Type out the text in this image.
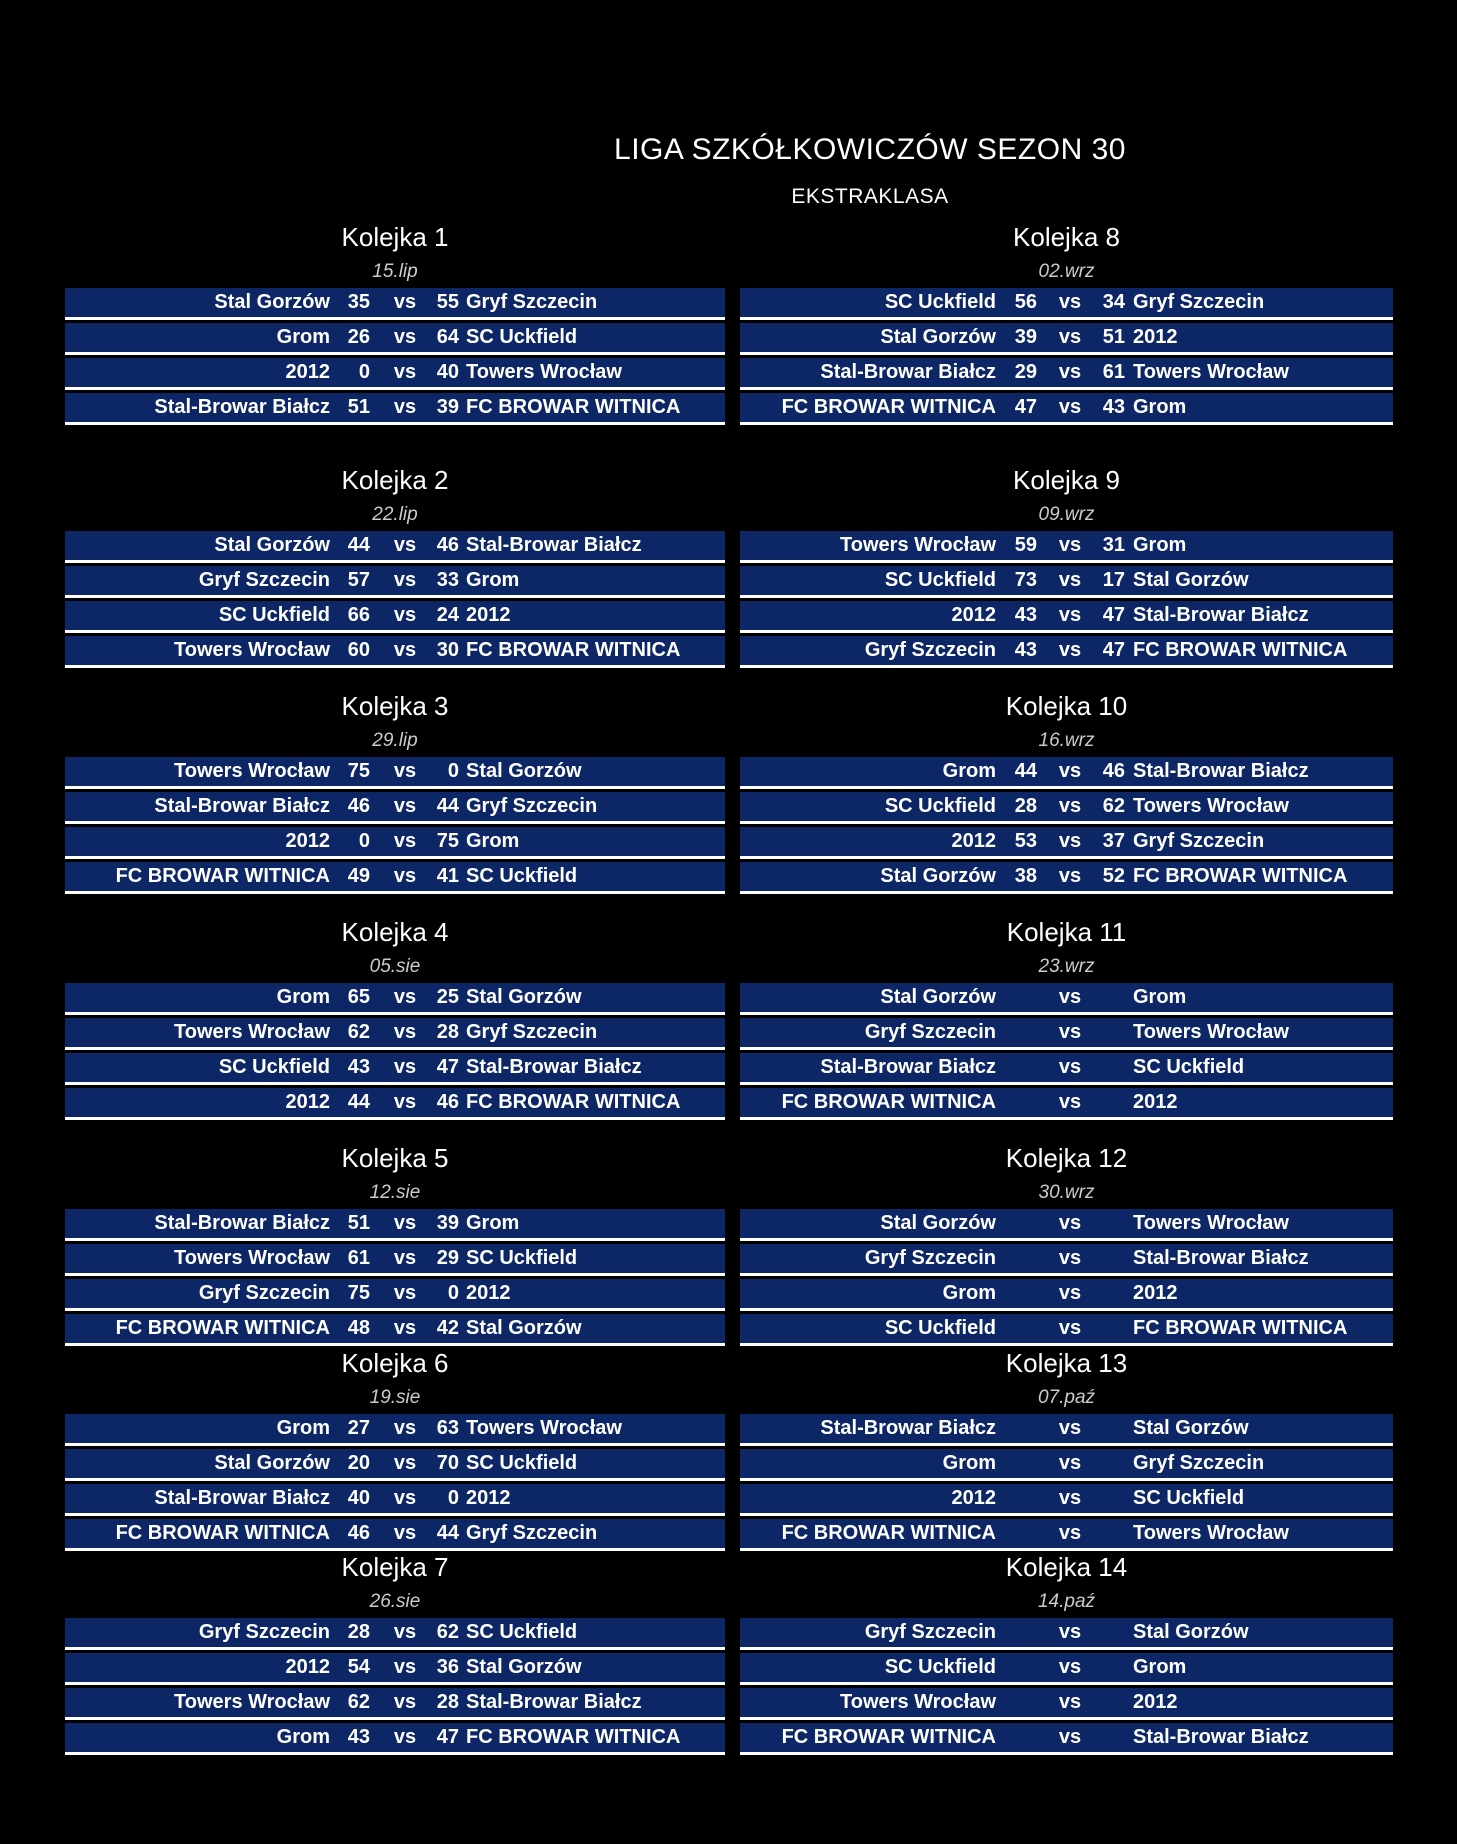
LIGA SZKÓŁKOWICZÓW SEZON 30
EKSTRAKLASA
Kolejka 1
15.lip
Stal Gorzów 35	vs	55 Gryf Szczecin
Grom 26	vs	64 SC Uckfield
2012	0	vs	40 Towers Wrocław
Stal-Browar Białcz 51	vs	39 FC BROWAR WITNICA
Kolejka 2
22.lip
Stal Gorzów 44	vs	46 Stal-Browar Białcz
Gryf Szczecin 57	vs	33 Grom
SC Uckfield 66	vs	24 2012
Towers Wrocław 60	vs	30 FC BROWAR WITNICA
Kolejka 3
29.lip
Towers Wrocław 75	vs	0 Stal Gorzów
Stal-Browar Białcz 46	vs	44 Gryf Szczecin
2012	0	vs	75 Grom
FC BROWAR WITNICA 49	vs	41 SC Uckfield
Kolejka 4
05.sie
Grom 65	vs	25 Stal Gorzów
Towers Wrocław 62	vs	28 Gryf Szczecin
SC Uckfield 43	vs	47 Stal-Browar Białcz
2012 44	vs	46 FC BROWAR WITNICA
Kolejka 5
12.sie
Stal-Browar Białcz 51	vs	39 Grom
Towers Wrocław 61	vs	29 SC Uckfield
Gryf Szczecin 75	vs	0 2012
FC BROWAR WITNICA 48	vs	42 Stal Gorzów
Kolejka 6
19.sie
Grom 27	vs	63 Towers Wrocław
Stal Gorzów 20	vs	70 SC Uckfield
Stal-Browar Białcz 40	vs	0 2012
FC BROWAR WITNICA 46	vs	44 Gryf Szczecin
Kolejka 7
26.sie
Gryf Szczecin 28	vs	62 SC Uckfield
2012 54	vs	36 Stal Gorzów
Towers Wrocław 62	vs	28 Stal-Browar Białcz
Grom 43	vs	47 FC BROWAR WITNICA
Kolejka 8
02.wrz
SC Uckfield 56	vs	34 Gryf Szczecin
Stal Gorzów 39	vs	51 2012
Stal-Browar Białcz 29	vs	61 Towers Wrocław
FC BROWAR WITNICA 47	vs	43 Grom
Kolejka 9
09.wrz
Towers Wrocław 59	vs	31 Grom
SC Uckfield 73	vs	17 Stal Gorzów
2012 43	vs	47 Stal-Browar Białcz
Gryf Szczecin 43	vs	47 FC BROWAR WITNICA
Kolejka 10
16.wrz
Grom 44	vs	46 Stal-Browar Białcz
SC Uckfield 28	vs	62 Towers Wrocław
2012 53	vs	37 Gryf Szczecin
Stal Gorzów 38	vs	52 FC BROWAR WITNICA
Kolejka 11
23.wrz
Stal Gorzów	vs	Grom
Gryf Szczecin	vs	Towers Wrocław
Stal-Browar Białcz	vs	SC Uckfield
FC BROWAR WITNICA	vs	2012
Kolejka 12
30.wrz
Stal Gorzów	vs	Towers Wrocław
Gryf Szczecin	vs	Stal-Browar Białcz
Grom	vs	2012
SC Uckfield	vs	FC BROWAR WITNICA
Kolejka 13
07.paź
Stal-Browar Białcz	vs	Stal Gorzów
Grom	vs	Gryf Szczecin
2012	vs	SC Uckfield
FC BROWAR WITNICA	vs	Towers Wrocław
Kolejka 14
14.paź
Gryf Szczecin	vs	Stal Gorzów
SC Uckfield	vs	Grom
Towers Wrocław	vs	2012
FC BROWAR WITNICA	vs	Stal-Browar Białcz
